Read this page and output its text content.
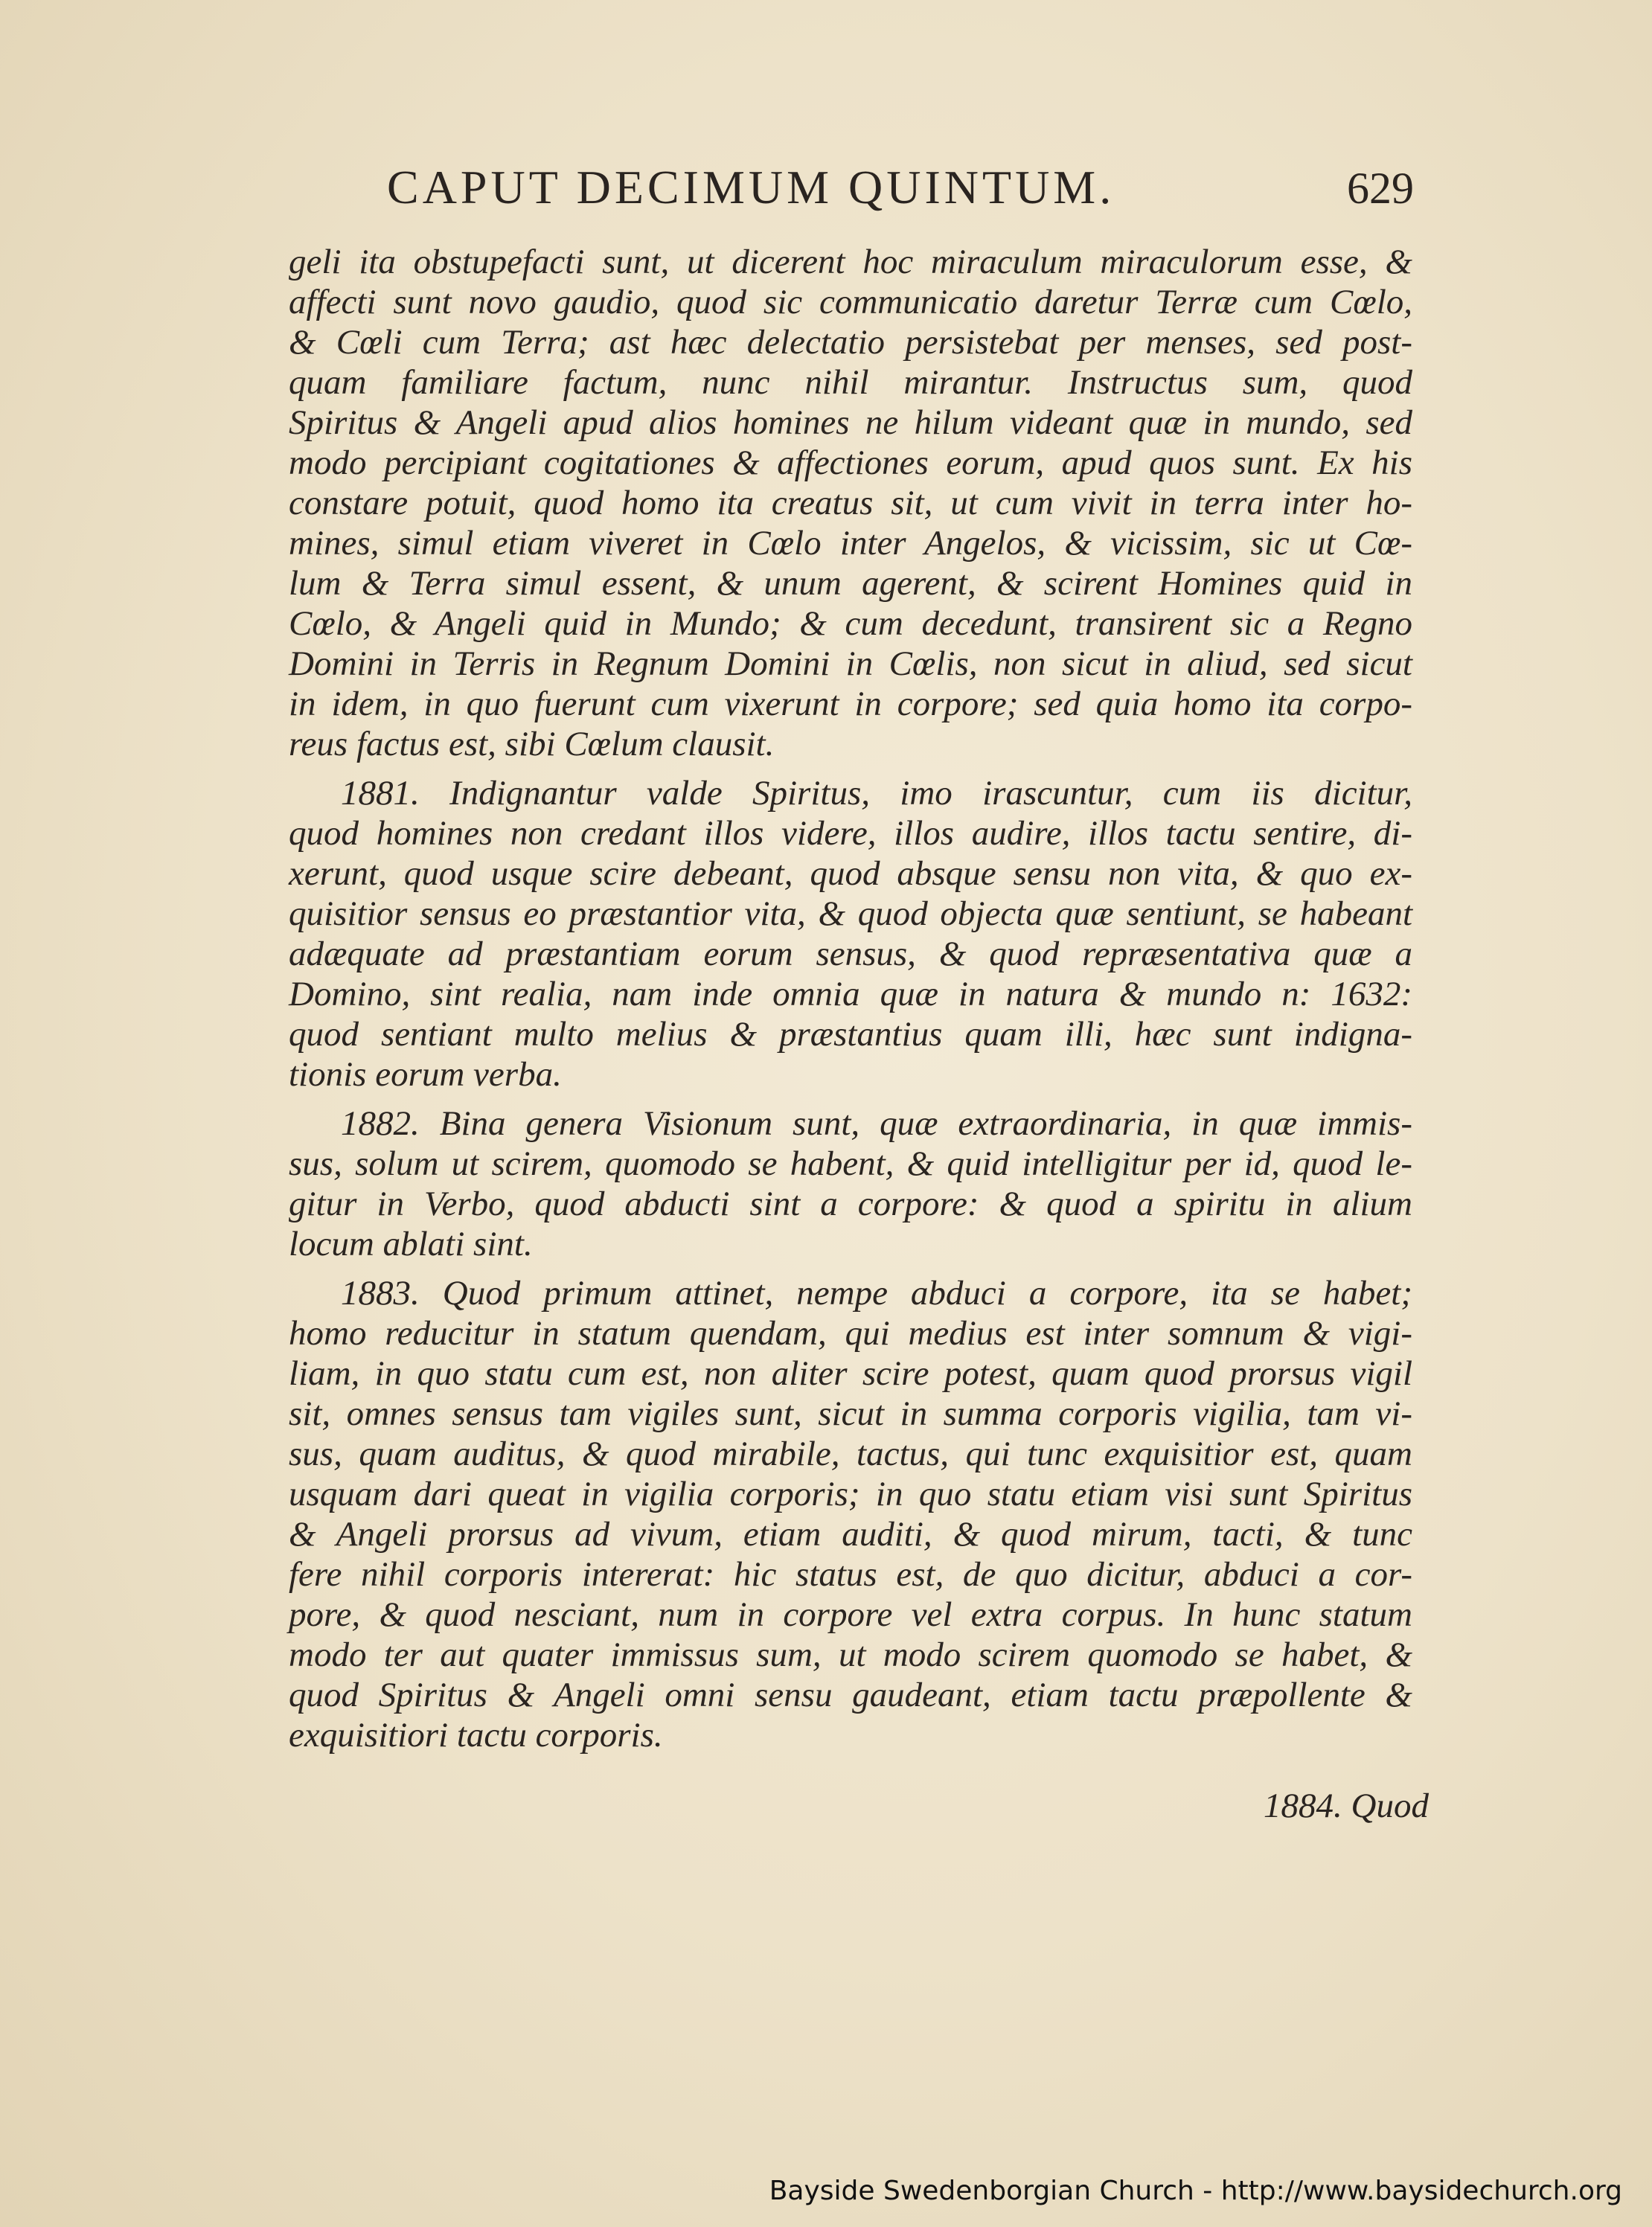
CAPUT DECIMUM QUINTUM.	629
geli ita obstupefacti sunt, ut dicerent hoc miraculum miraculorum esse, &
affecti sunt novo gaudio, quod sic communicatio daretur Terræ cum Cœlo,
& Cœli cum Terra; ast hæc delectatio persistebat per menses, sed post-
quam familiare factum, nunc nihil mirantur. Instructus sum, quod
Spiritus & Angeli apud alios homines ne hilum videant quæ in mundo, sed
modo percipiant cogitationes & affectiones eorum, apud quos sunt. Ex his
constare potuit, quod homo ita creatus sit, ut cum vivit in terra inter ho-
mines, simul etiam viveret in Cœlo inter Angelos, & vicissim, sic ut Cœ-
lum & Terra simul essent, & unum agerent, & scirent Homines quid in
Cœlo, & Angeli quid in Mundo; & cum decedunt, transirent sic a Regno
Domini in Terris in Regnum Domini in Cœlis, non sicut in aliud, sed sicut
in idem, in quo fuerunt cum vixerunt in corpore; sed quia homo ita corpo-
reus factus est, sibi Cœlum clausit.
1881. Indignantur valde Spiritus, imo irascuntur, cum iis dicitur,
quod homines non credant illos videre, illos audire, illos tactu sentire, di-
xerunt, quod usque scire debeant, quod absque sensu non vita, & quo ex-
quisitior sensus eo præstantior vita, & quod objecta quæ sentiunt, se habeant
adæquate ad præstantiam eorum sensus, & quod repræsentativa quæ a
Domino, sint realia, nam inde omnia quæ in natura & mundo n: 1632:
quod sentiant multo melius & præstantius quam illi, hæc sunt indigna-
tionis eorum verba.
1882. Bina genera Visionum sunt, quæ extraordinaria, in quæ immis-
sus, solum ut scirem, quomodo se habent, & quid intelligitur per id, quod le-
gitur in Verbo, quod abducti sint a corpore: & quod a spiritu in alium
locum ablati sint.
1883. Quod primum attinet, nempe abduci a corpore, ita se habet;
homo reducitur in statum quendam, qui medius est inter somnum & vigi-
liam, in quo statu cum est, non aliter scire potest, quam quod prorsus vigil
sit, omnes sensus tam vigiles sunt, sicut in summa corporis vigilia, tam vi-
sus, quam auditus, & quod mirabile, tactus, qui tunc exquisitior est, quam
usquam dari queat in vigilia corporis; in quo statu etiam visi sunt Spiritus
& Angeli prorsus ad vivum, etiam auditi, & quod mirum, tacti, & tunc
fere nihil corporis intererat: hic status est, de quo dicitur, abduci a cor-
pore, & quod nesciant, num in corpore vel extra corpus. In hunc statum
modo ter aut quater immissus sum, ut modo scirem quomodo se habet, &
quod Spiritus & Angeli omni sensu gaudeant, etiam tactu præpollente &
exquisitiori tactu corporis.
1884. Quod
Bayside Swedenborgian Church - http://www.baysidechurch.org
